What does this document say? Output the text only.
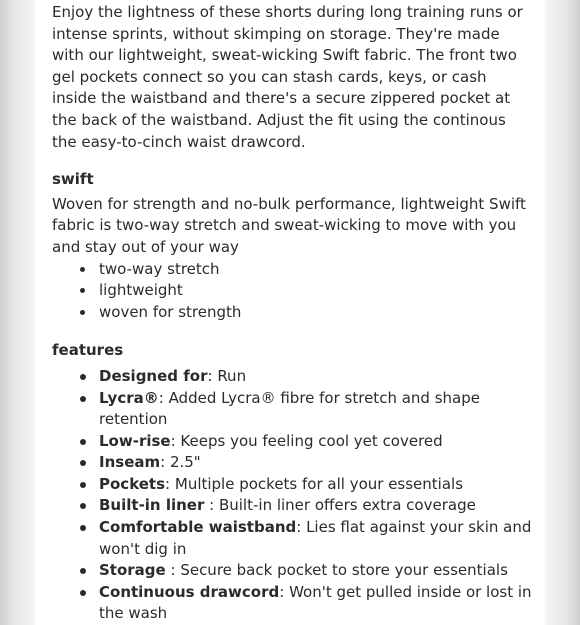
Enjoy the lightness of these shorts during long training runs or intense sprints, without skimping on storage. They're made with our lightweight, sweat-wicking Swift fabric. The front two gel pockets connect so you can stash cards, keys, or cash inside the waistband and there's a secure zippered pocket at the back of the waistband. Adjust the fit using the continous the easy-to-cinch waist drawcord.

swift

Woven for strength and no-bulk performance, lightweight Swift fabric is two-way stretch and sweat-wicking to move with you and stay out of your way

two-way stretch
lightweight
woven for strength

features

Designed for: Run
Lycra®: Added Lycra® fibre for stretch and shape retention
Low-rise: Keeps you feeling cool yet covered
Inseam: 2.5"
Pockets: Multiple pockets for all your essentials
Built-in liner : Built-in liner offers extra coverage
Comfortable waistband: Lies flat against your skin and won't dig in
Storage : Secure back pocket to store your essentials
Continuous drawcord: Won't get pulled inside or lost in the wash
